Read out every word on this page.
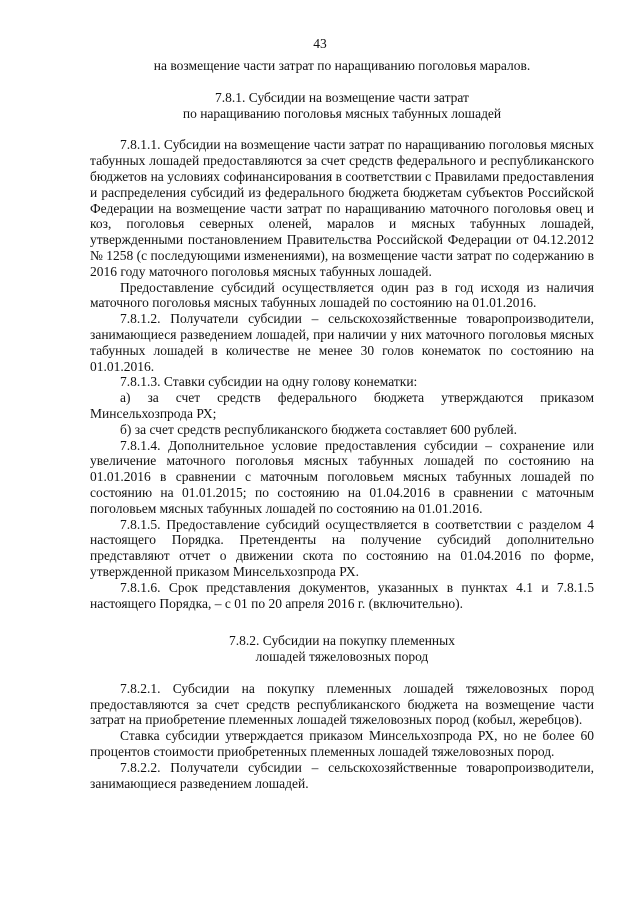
43

на возмещение части затрат по наращиванию поголовья маралов.

7.8.1. Субсидии на возмещение части затрат
по наращиванию поголовья мясных табунных лошадей

7.8.1.1. Субсидии на возмещение части затрат по наращиванию поголовья мясных табунных лошадей предоставляются за счет средств федерального и республиканского бюджетов на условиях софинансирования в соответствии с Правилами предоставления и распределения субсидий из федерального бюджета бюджетам субъектов Российской Федерации на возмещение части затрат по наращиванию маточного поголовья овец и коз, поголовья северных оленей, маралов и мясных табунных лошадей, утвержденными постановлением Правительства Российской Федерации от 04.12.2012 № 1258 (с последующими изменениями), на возмещение части затрат по содержанию в 2016 году маточного поголовья мясных табунных лошадей.

Предоставление субсидий осуществляется один раз в год исходя из наличия маточного поголовья мясных табунных лошадей по состоянию на 01.01.2016.

7.8.1.2. Получатели субсидии – сельскохозяйственные товаропроизводители, занимающиеся разведением лошадей, при наличии у них маточного поголовья мясных табунных лошадей в количестве не менее 30 голов конематок по состоянию на 01.01.2016.

7.8.1.3. Ставки субсидии на одну голову конематки:

а) за счет средств федерального бюджета утверждаются приказом Минсельхозпрода РХ;

б) за счет средств республиканского бюджета составляет 600 рублей.

7.8.1.4. Дополнительное условие предоставления субсидии – сохранение или увеличение маточного поголовья мясных табунных лошадей по состоянию на 01.01.2016 в сравнении с маточным поголовьем мясных табунных лошадей по состоянию на 01.01.2015; по состоянию на 01.04.2016 в сравнении с маточным поголовьем мясных табунных лошадей по состоянию на 01.01.2016.

7.8.1.5. Предоставление субсидий осуществляется в соответствии с разделом 4 настоящего Порядка. Претенденты на получение субсидий дополнительно представляют отчет о движении скота по состоянию на 01.04.2016 по форме, утвержденной приказом Минсельхозпрода РХ.

7.8.1.6. Срок представления документов, указанных в пунктах 4.1 и 7.8.1.5 настоящего Порядка, – с 01 по 20 апреля 2016 г. (включительно).

7.8.2. Субсидии на покупку племенных
лошадей тяжеловозных пород

7.8.2.1. Субсидии на покупку племенных лошадей тяжеловозных пород предоставляются за счет средств республиканского бюджета на возмещение части затрат на приобретение племенных лошадей тяжеловозных пород (кобыл, жеребцов).

Ставка субсидии утверждается приказом Минсельхозпрода РХ, но не более 60 процентов стоимости приобретенных племенных лошадей тяжеловозных пород.

7.8.2.2. Получатели субсидии – сельскохозяйственные товаропроизводители, занимающиеся разведением лошадей.
